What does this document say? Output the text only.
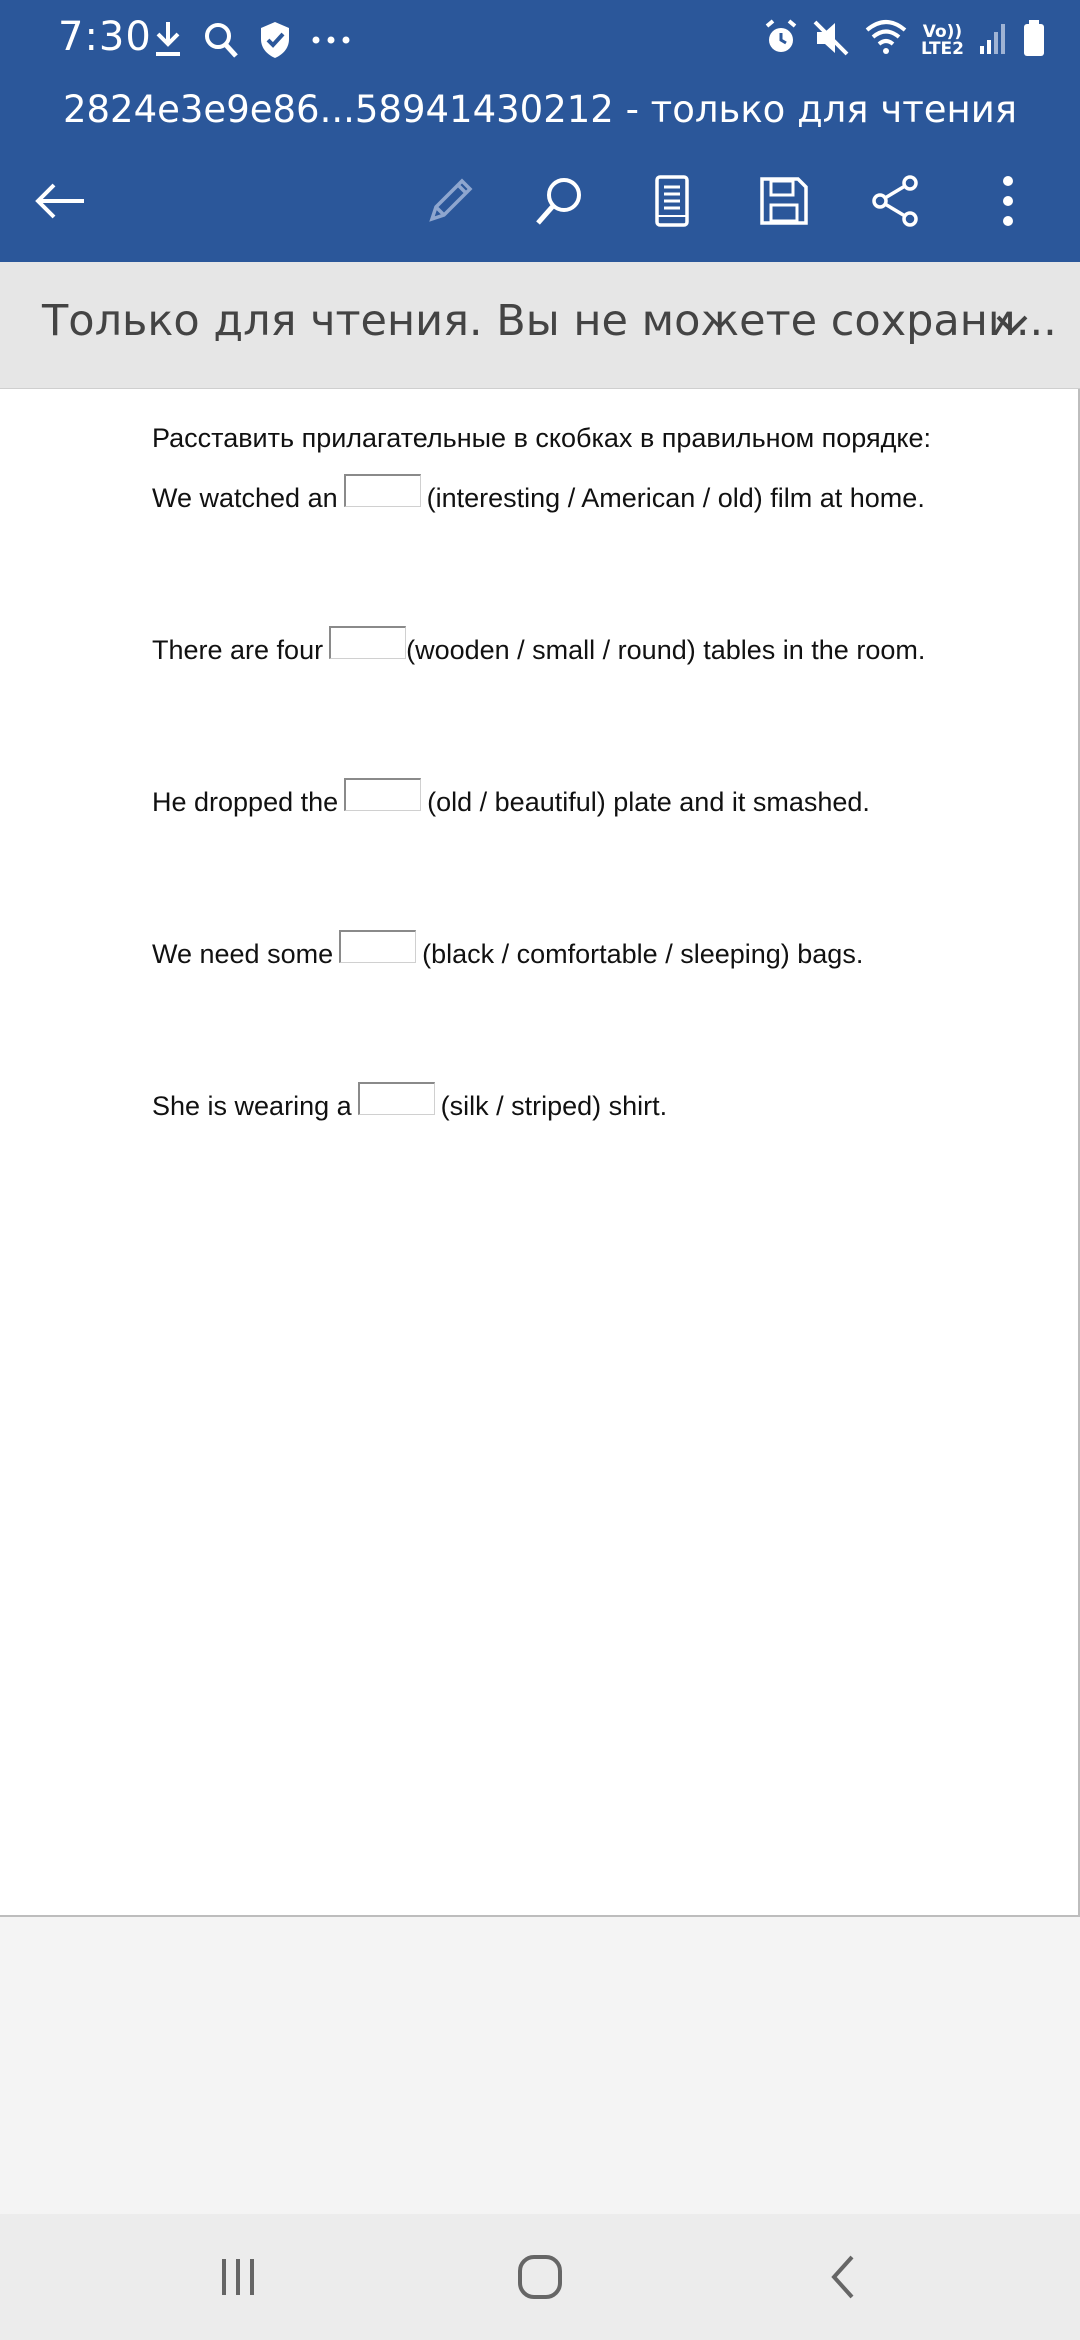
7:30	Vo))
LTE2
2824e3e9e86...58941430212 - только для чтения
Только для чтения. Вы не можете сохрани...
Расставить прилагательные в скобках в правильном порядке:
We watched an	(interesting / American / old) film at home.
There are four	(wooden / small / round) tables in the room.
He dropped the	(old / beautiful) plate and it smashed.
We need some	(black / comfortable / sleeping) bags.
She is wearing a	(silk / striped) shirt.
